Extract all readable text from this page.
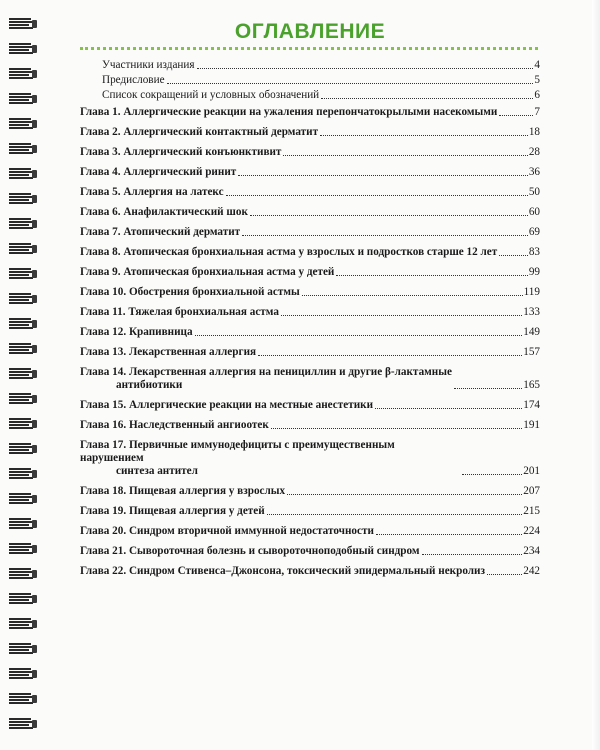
ОГЛАВЛЕНИЕ
Участники издания	4
Предисловие	5
Список сокращений и условных обозначений	6
Глава 1. Аллергические реакции на ужаления перепончатокрылыми насекомыми	7
Глава 2. Аллергический контактный дерматит	18
Глава 3. Аллергический конъюнктивит	28
Глава 4. Аллергический ринит	36
Глава 5. Аллергия на латекс	50
Глава 6. Анафилактический шок	60
Глава 7. Атопический дерматит	69
Глава 8. Атопическая бронхиальная астма у взрослых и подростков старше 12 лет	83
Глава 9. Атопическая бронхиальная астма у детей	99
Глава 10. Обострения бронхиальной астмы	119
Глава 11. Тяжелая бронхиальная астма	133
Глава 12. Крапивница	149
Глава 13. Лекарственная аллергия	157
Глава 14. Лекарственная аллергия на пенициллин и другие β-лактамные
антибиотики	165
Глава 15. Аллергические реакции на местные анестетики	174
Глава 16. Наследственный ангиоотек	191
Глава 17. Первичные иммунодефициты с преимущественным нарушением
синтеза антител	201
Глава 18. Пищевая аллергия у взрослых	207
Глава 19. Пищевая аллергия у детей	215
Глава 20. Синдром вторичной иммунной недостаточности	224
Глава 21. Сывороточная болезнь и сывороточноподобный синдром	234
Глава 22. Синдром Стивенса–Джонсона, токсический эпидермальный некролиз	242
